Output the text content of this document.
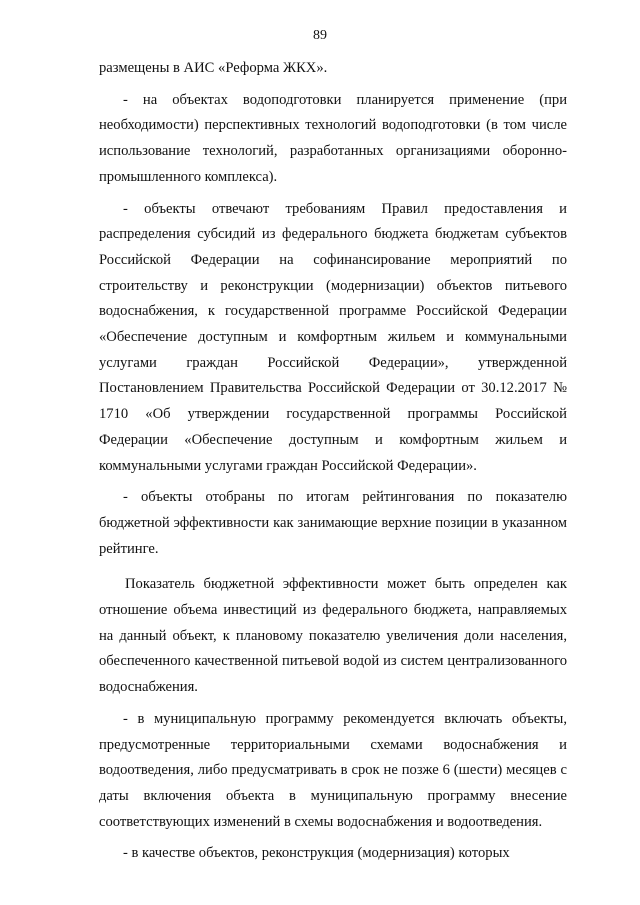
89

размещены в АИС «Реформа ЖКХ».

- на объектах водоподготовки планируется применение (при необходимости) перспективных технологий водоподготовки (в том числе использование технологий, разработанных организациями оборонно-промышленного комплекса).

- объекты отвечают требованиям Правил предоставления и распределения субсидий из федерального бюджета бюджетам субъектов Российской Федерации на софинансирование мероприятий по строительству и реконструкции (модернизации) объектов питьевого водоснабжения, к государственной программе Российской Федерации «Обеспечение доступным и комфортным жильем и коммунальными услугами граждан Российской Федерации», утвержденной Постановлением Правительства Российской Федерации от 30.12.2017 № 1710 «Об утверждении государственной программы Российской Федерации «Обеспечение доступным и комфортным жильем и коммунальными услугами граждан Российской Федерации».

- объекты отобраны по итогам рейтингования по показателю бюджетной эффективности как занимающие верхние позиции в указанном рейтинге.

Показатель бюджетной эффективности может быть определен как отношение объема инвестиций из федерального бюджета, направляемых на данный объект, к плановому показателю увеличения доли населения, обеспеченного качественной питьевой водой из систем централизованного водоснабжения.

- в муниципальную программу рекомендуется включать объекты, предусмотренные территориальными схемами водоснабжения и водоотведения, либо предусматривать в срок не позже 6 (шести) месяцев с даты включения объекта в муниципальную программу внесение соответствующих изменений в схемы водоснабжения и водоотведения.

- в качестве объектов, реконструкция (модернизация) которых
